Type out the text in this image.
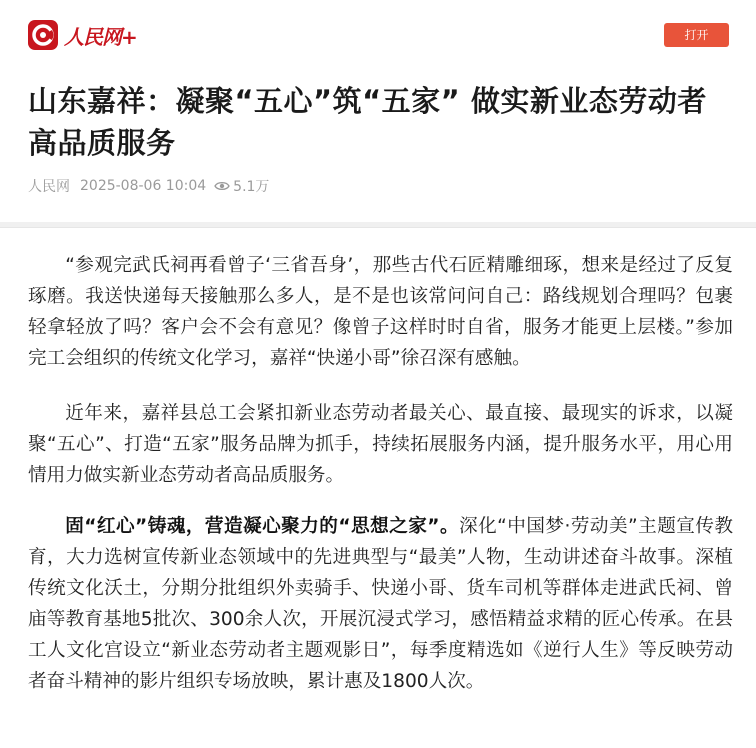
人民网+	打开
山东嘉祥：凝聚“五心”筑“五家” 做实新业态劳动者高品质服务
人民网 2025-08-06 10:04 5.1万

“参观完武氏祠再看曾子‘三省吾身’，那些古代石匠精雕细琢，想来是经过了反复琢磨。我送快递每天接触那么多人，是不是也该常问问自己：路线规划合理吗？包裹轻拿轻放了吗？客户会不会有意见？像曾子这样时时自省，服务才能更上层楼。”参加完工会组织的传统文化学习，嘉祥“快递小哥”徐召深有感触。

近年来，嘉祥县总工会紧扣新业态劳动者最关心、最直接、最现实的诉求，以凝聚“五心”、打造“五家”服务品牌为抓手，持续拓展服务内涵，提升服务水平，用心用情用力做实新业态劳动者高品质服务。

固“红心”铸魂，营造凝心聚力的“思想之家”。深化“中国梦·劳动美”主题宣传教育，大力选树宣传新业态领域中的先进典型与“最美”人物，生动讲述奋斗故事。深植传统文化沃土，分期分批组织外卖骑手、快递小哥、货车司机等群体走进武氏祠、曾庙等教育基地5批次、300余人次，开展沉浸式学习，感悟精益求精的匠心传承。在县工人文化宫设立“新业态劳动者主题观影日”，每季度精选如《逆行人生》等反映劳动者奋斗精神的影片组织专场放映，累计惠及1800人次。
